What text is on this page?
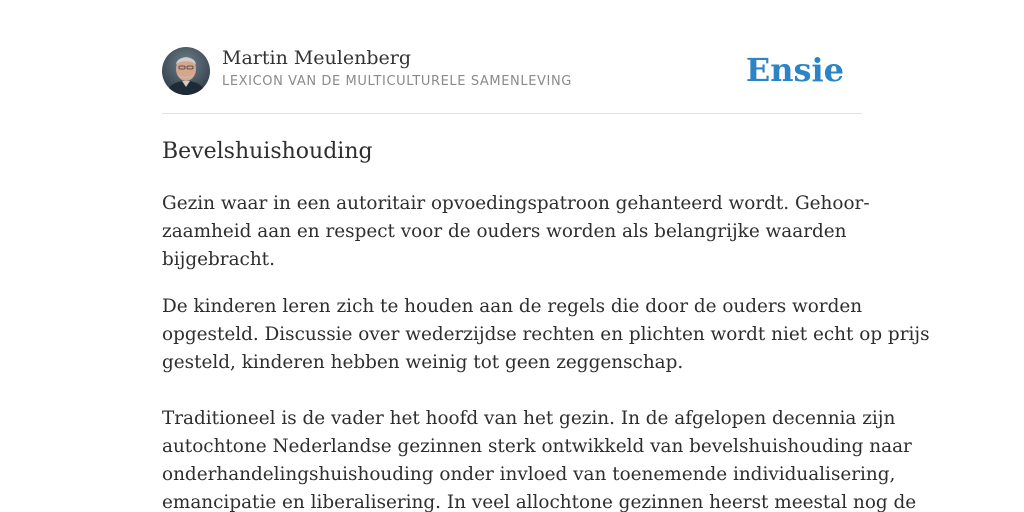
Martin Meulenberg
LEXICON VAN DE MULTICULTURELE SAMENLEVING	Ensie
Bevelshuishouding

Gezin waar in een autoritair opvoedingspatroon gehanteerd wordt. Gehoor-
zaamheid aan en respect voor de ouders worden als belangrijke waarden
bijgebracht.

De kinderen leren zich te houden aan de regels die door de ouders worden
opgesteld. Discussie over wederzijdse rechten en plichten wordt niet echt op prijs
gesteld, kinderen hebben weinig tot geen zeggenschap.

Traditioneel is de vader het hoofd van het gezin. In de afgelopen decennia zijn
autochtone Nederlandse gezinnen sterk ontwikkeld van bevelshuishouding naar
onderhandelingshuishouding onder invloed van toenemende individualisering,
emancipatie en liberalisering. In veel allochtone gezinnen heerst meestal nog de
